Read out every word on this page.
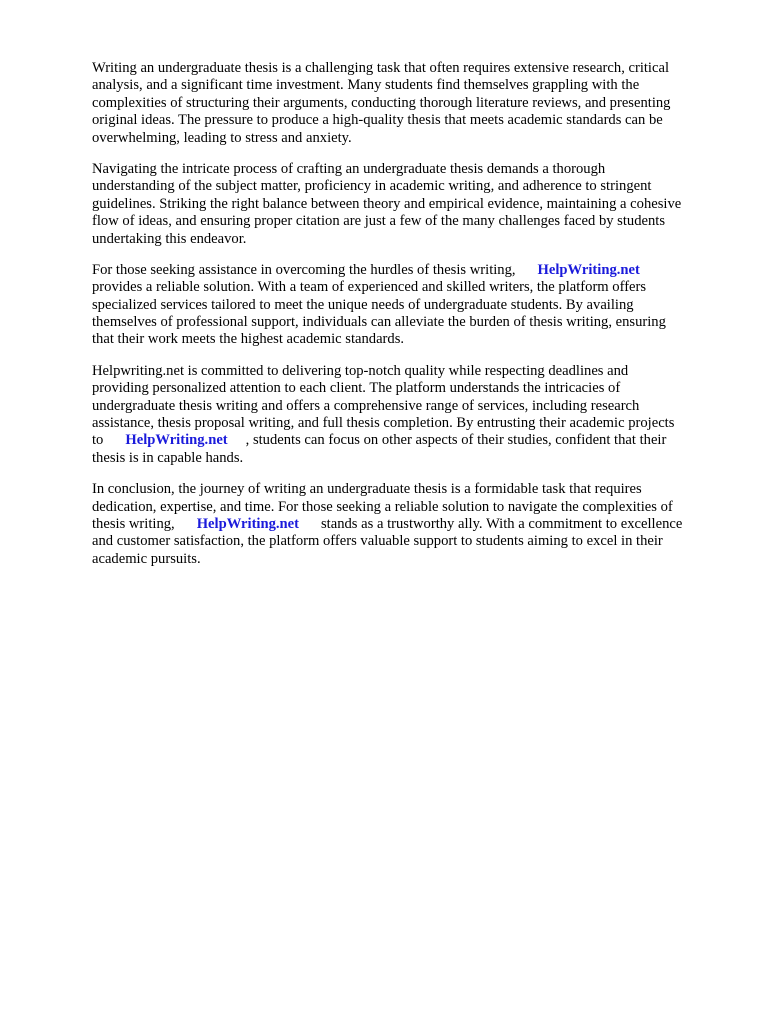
Writing an undergraduate thesis is a challenging task that often requires extensive research, critical
analysis, and a significant time investment. Many students find themselves grappling with the
complexities of structuring their arguments, conducting thorough literature reviews, and presenting
original ideas. The pressure to produce a high-quality thesis that meets academic standards can be
overwhelming, leading to stress and anxiety.

Navigating the intricate process of crafting an undergraduate thesis demands a thorough
understanding of the subject matter, proficiency in academic writing, and adherence to stringent
guidelines. Striking the right balance between theory and empirical evidence, maintaining a cohesive
flow of ideas, and ensuring proper citation are just a few of the many challenges faced by students
undertaking this endeavor.

For those seeking assistance in overcoming the hurdles of thesis writing, HelpWriting.net
provides a reliable solution. With a team of experienced and skilled writers, the platform offers
specialized services tailored to meet the unique needs of undergraduate students. By availing
themselves of professional support, individuals can alleviate the burden of thesis writing, ensuring
that their work meets the highest academic standards.

Helpwriting.net is committed to delivering top-notch quality while respecting deadlines and
providing personalized attention to each client. The platform understands the intricacies of
undergraduate thesis writing and offers a comprehensive range of services, including research
assistance, thesis proposal writing, and full thesis completion. By entrusting their academic projects
to HelpWriting.net , students can focus on other aspects of their studies, confident that their
thesis is in capable hands.

In conclusion, the journey of writing an undergraduate thesis is a formidable task that requires
dedication, expertise, and time. For those seeking a reliable solution to navigate the complexities of
thesis writing, HelpWriting.net stands as a trustworthy ally. With a commitment to excellence
and customer satisfaction, the platform offers valuable support to students aiming to excel in their
academic pursuits.
